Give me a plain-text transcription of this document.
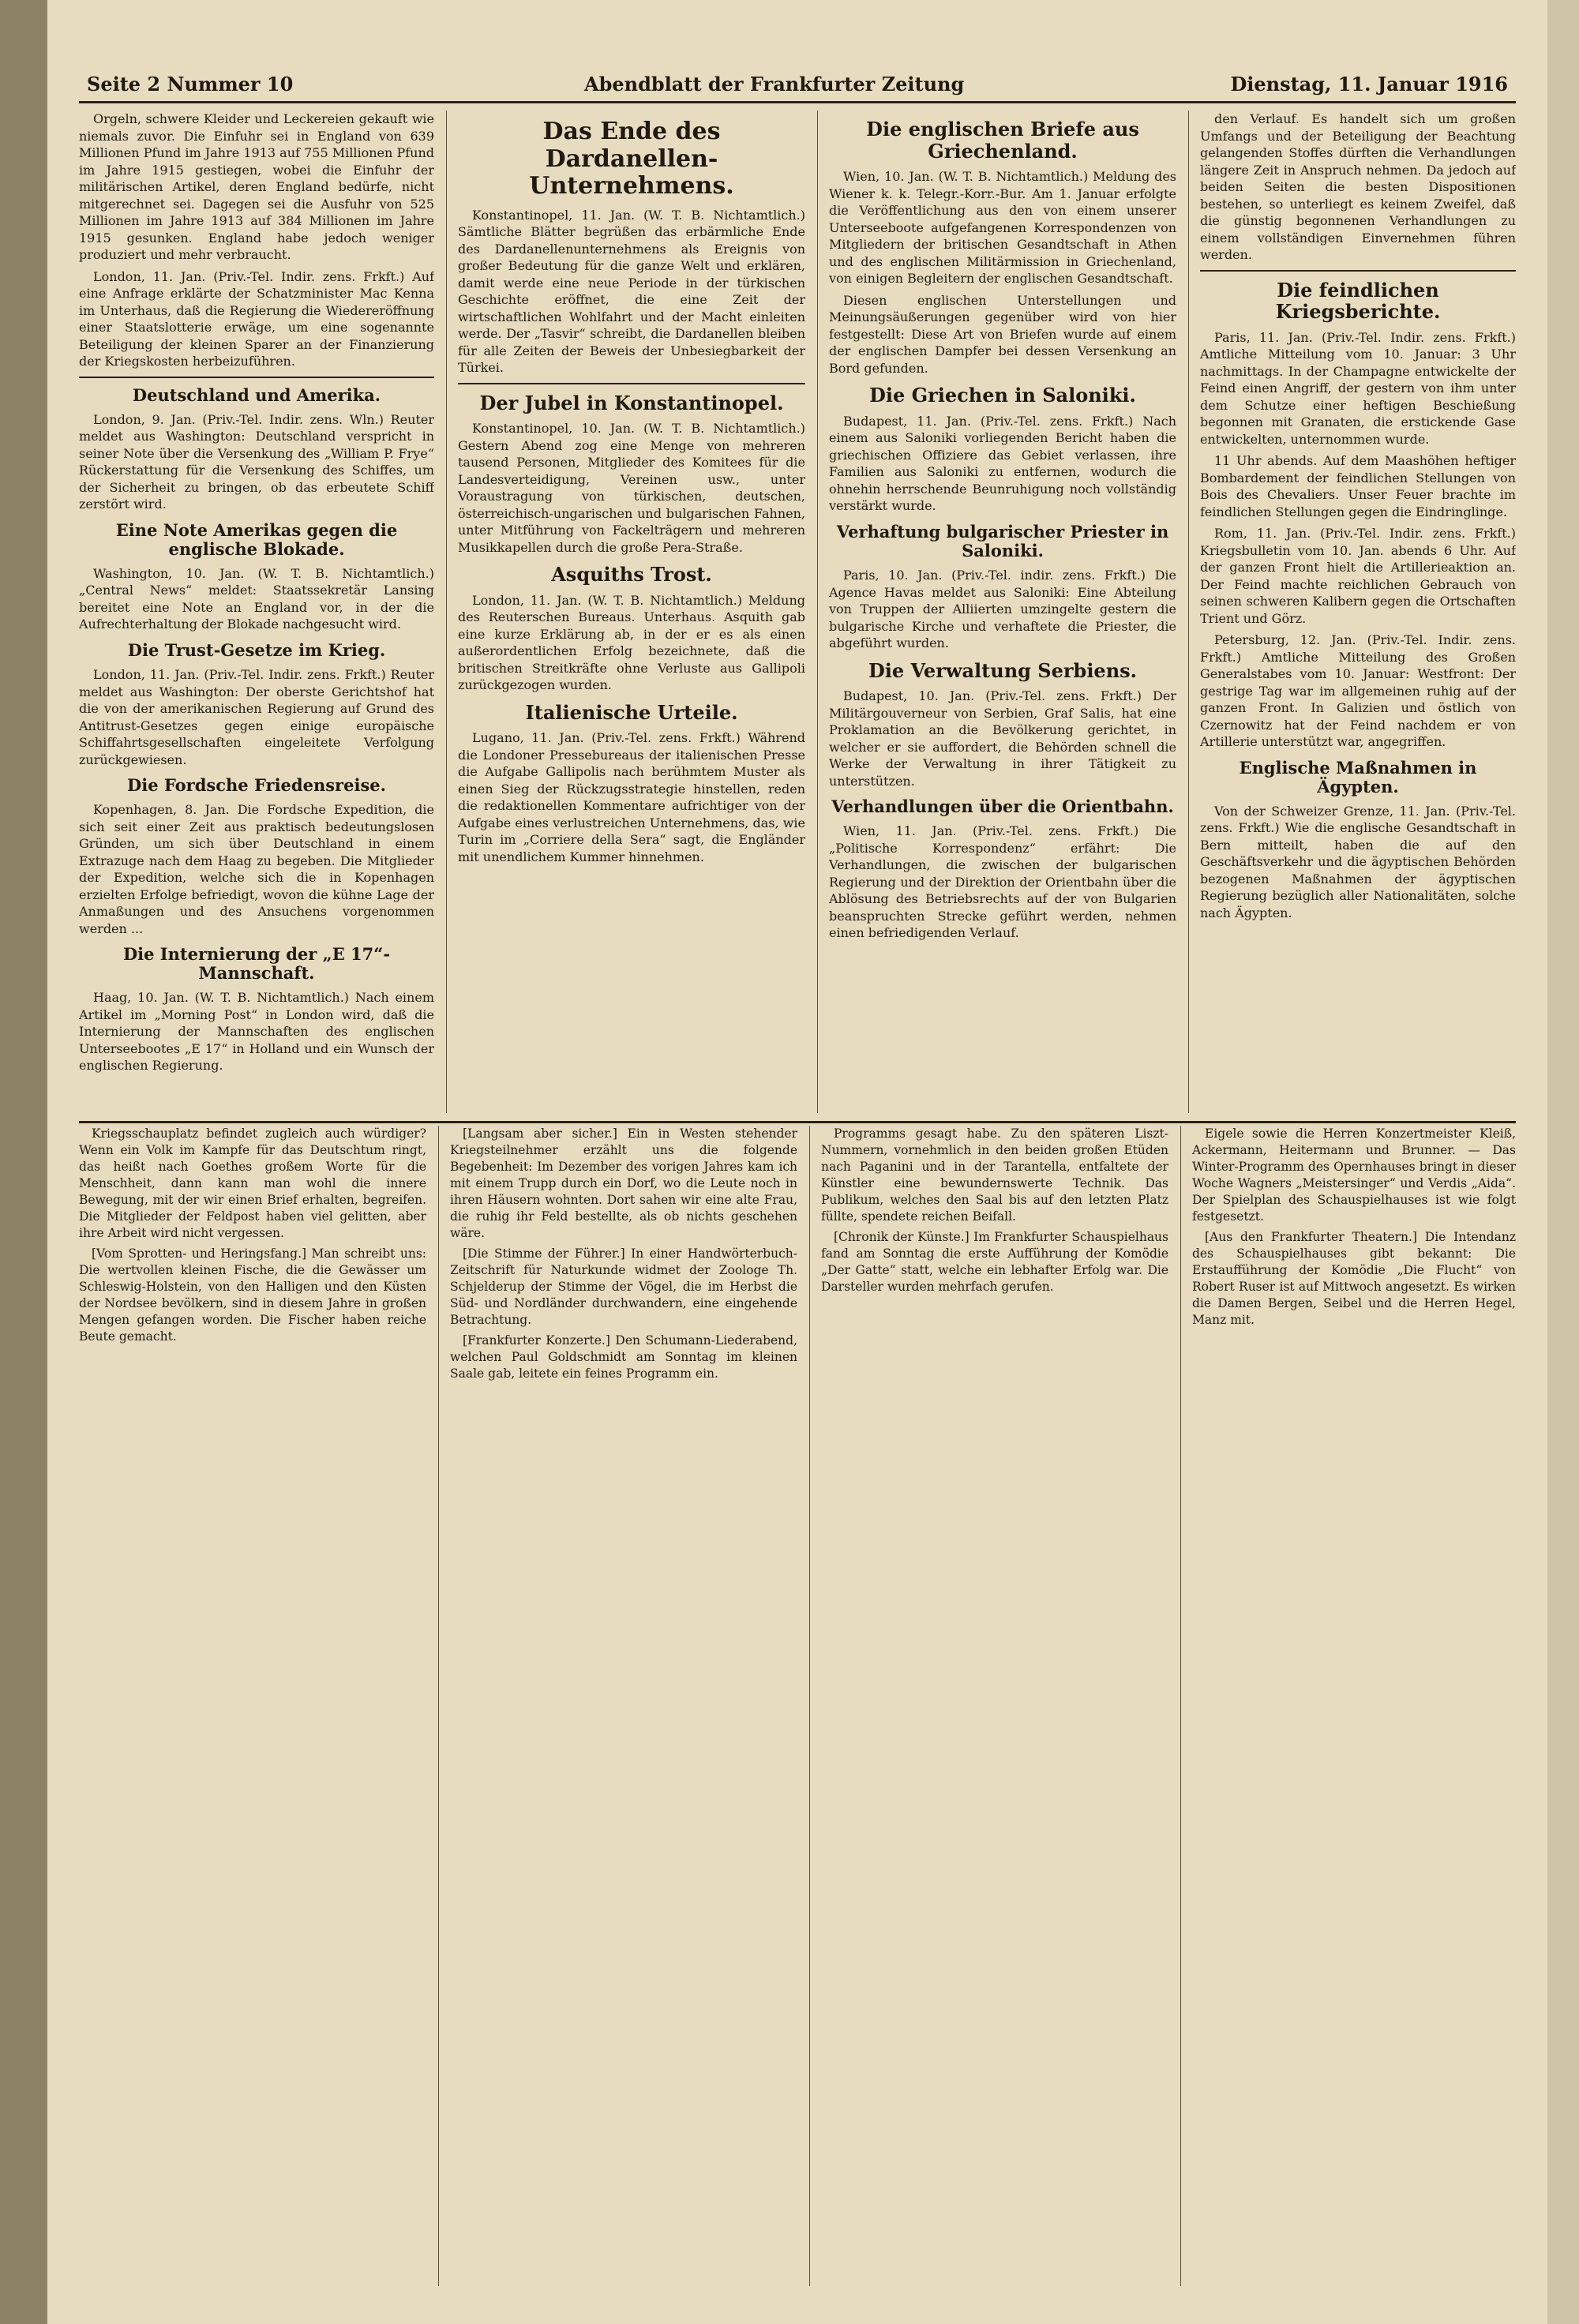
Seite 2 Nummer 10	Abendblatt der Frankfurter Zeitung	Dienstag, 11. Januar 1916

Orgeln, schwere Kleider und Leckereien gekauft wie niemals zuvor. Die Einfuhr sei in England von 639 Millionen Pfund im Jahre 1913 auf 755 Millionen Pfund im Jahre 1915 gestiegen, wobei die Einfuhr der militärischen Artikel, deren England bedürfe, nicht mitgerechnet sei. Dagegen sei die Ausfuhr von 525 Millionen im Jahre 1913 auf 384 Millionen im Jahre 1915 gesunken. England habe jedoch weniger produziert und mehr verbraucht.

London, 11. Jan. (Priv.-Tel. Indir. zens. Frkft.) Auf eine Anfrage erklärte der Schatzminister Mac Kenna im Unterhaus, daß die Regierung die Wiedereröffnung einer Staatslotterie erwäge, um eine sogenannte Beteiligung der kleinen Sparer an der Finanzierung der Kriegskosten herbeizuführen.

Deutschland und Amerika.

London, 9. Jan. (Priv.-Tel. Indir. zens. Wln.) Reuter meldet aus Washington: Deutschland verspricht in seiner Note über die Versenkung des „William P. Frye“ Rückerstattung für die Versenkung des Schiffes, um der Sicherheit zu bringen, ob das erbeutete Schiff zerstört wird.

Eine Note Amerikas gegen die englische Blokade.

Washington, 10. Jan. (W. T. B. Nichtamtlich.) „Central News“ meldet: Staatssekretär Lansing bereitet eine Note an England vor, in der die Aufrechterhaltung der Blokade nachgesucht wird.

Die Trust-Gesetze im Krieg.

London, 11. Jan. (Priv.-Tel. Indir. zens. Frkft.) Reuter meldet aus Washington: Der oberste Gerichtshof hat die von der amerikanischen Regierung auf Grund des Antitrust-Gesetzes gegen einige europäische Schiffahrtsgesellschaften eingeleitete Verfolgung zurückgewiesen.

Die Fordsche Friedensreise.

Kopenhagen, 8. Jan. Die Fordsche Expedition, die sich seit einer Zeit aus praktisch bedeutungslosen Gründen, um sich über Deutschland in einem Extrazuge nach dem Haag zu begeben. Die Mitglieder der Expedition, welche sich die in Kopenhagen erzielten Erfolge befriedigt, wovon die kühne Lage der Anmaßungen und des Ansuchens vorgenommen werden ...

Die Internierung der „E 17“-Mannschaft.

Haag, 10. Jan. (W. T. B. Nichtamtlich.) Nach einem Artikel im „Morning Post“ in London wird, daß die Internierung der Mannschaften des englischen Unterseebootes „E 17“ in Holland und ein Wunsch der englischen Regierung.

Das Ende des Dardanellen-Unternehmens.

Konstantinopel, 11. Jan. (W. T. B. Nichtamtlich.) Sämtliche Blätter begrüßen das erbärmliche Ende des Dardanellenunternehmens als Ereignis von großer Bedeutung für die ganze Welt und erklären, damit werde eine neue Periode in der türkischen Geschichte eröffnet, die eine Zeit der wirtschaftlichen Wohlfahrt und der Macht einleiten werde. Der „Tasvir“ schreibt, die Dardanellen bleiben für alle Zeiten der Beweis der Unbesiegbarkeit der Türkei.

Der Jubel in Konstantinopel.

Konstantinopel, 10. Jan. (W. T. B. Nichtamtlich.) Gestern Abend zog eine Menge von mehreren tausend Personen, Mitglieder des Komitees für die Landesverteidigung, Vereinen usw., unter Voraustragung von türkischen, deutschen, österreichisch-ungarischen und bulgarischen Fahnen, unter Mitführung von Fackelträgern und mehreren Musikkapellen durch die große Pera-Straße.

Asquiths Trost.

London, 11. Jan. (W. T. B. Nichtamtlich.) Meldung des Reuterschen Bureaus. Unterhaus. Asquith gab eine kurze Erklärung ab, in der er es als einen außerordentlichen Erfolg bezeichnete, daß die britischen Streitkräfte ohne Verluste aus Gallipoli zurückgezogen wurden.

Italienische Urteile.

Lugano, 11. Jan. (Priv.-Tel. zens. Frkft.) Während die Londoner Pressebureaus der italienischen Presse die Aufgabe Gallipolis nach berühmtem Muster als einen Sieg der Rückzugsstrategie hinstellen, reden die redaktionellen Kommentare aufrichtiger von der Aufgabe eines verlustreichen Unternehmens, das, wie Turin im „Corriere della Sera“ sagt, die Engländer mit unendlichem Kummer hinnehmen.

Die englischen Briefe aus Griechenland.

Wien, 10. Jan. (W. T. B. Nichtamtlich.) Meldung des Wiener k. k. Telegr.-Korr.-Bur. Am 1. Januar erfolgte die Veröffentlichung aus den von einem unserer Unterseeboote aufgefangenen Korrespondenzen von Mitgliedern der britischen Gesandtschaft in Athen und des englischen Militärmission in Griechenland, von einigen Begleitern der englischen Gesandtschaft.

Diesen englischen Unterstellungen und Meinungsäußerungen gegenüber wird von hier festgestellt: Diese Art von Briefen wurde auf einem der englischen Dampfer bei dessen Versenkung an Bord gefunden.

Die Griechen in Saloniki.

Budapest, 11. Jan. (Priv.-Tel. zens. Frkft.) Nach einem aus Saloniki vorliegenden Bericht haben die griechischen Offiziere das Gebiet verlassen, ihre Familien aus Saloniki zu entfernen, wodurch die ohnehin herrschende Beunruhigung noch vollständig verstärkt wurde.

Verhaftung bulgarischer Priester in Saloniki.

Paris, 10. Jan. (Priv.-Tel. indir. zens. Frkft.) Die Agence Havas meldet aus Saloniki: Eine Abteilung von Truppen der Alliierten umzingelte gestern die bulgarische Kirche und verhaftete die Priester, die abgeführt wurden.

Die Verwaltung Serbiens.

Budapest, 10. Jan. (Priv.-Tel. zens. Frkft.) Der Militärgouverneur von Serbien, Graf Salis, hat eine Proklamation an die Bevölkerung gerichtet, in welcher er sie auffordert, die Behörden schnell die Werke der Verwaltung in ihrer Tätigkeit zu unterstützen.

Verhandlungen über die Orientbahn.

Wien, 11. Jan. (Priv.-Tel. zens. Frkft.) Die „Politische Korrespondenz“ erfährt: Die Verhandlungen, die zwischen der bulgarischen Regierung und der Direktion der Orientbahn über die Ablösung des Betriebsrechts auf der von Bulgarien beanspruchten Strecke geführt werden, nehmen einen befriedigenden Verlauf.

den Verlauf. Es handelt sich um großen Umfangs und der Beteiligung der Beachtung gelangenden Stoffes dürften die Verhandlungen längere Zeit in Anspruch nehmen. Da jedoch auf beiden Seiten die besten Dispositionen bestehen, so unterliegt es keinem Zweifel, daß die günstig begonnenen Verhandlungen zu einem vollständigen Einvernehmen führen werden.

Die feindlichen Kriegsberichte.

Paris, 11. Jan. (Priv.-Tel. Indir. zens. Frkft.) Amtliche Mitteilung vom 10. Januar: 3 Uhr nachmittags. In der Champagne entwickelte der Feind einen Angriff, der gestern von ihm unter dem Schutze einer heftigen Beschießung begonnen mit Granaten, die erstickende Gase entwickelten, unternommen wurde.

11 Uhr abends. Auf dem Maashöhen heftiger Bombardement der feindlichen Stellungen von Bois des Chevaliers. Unser Feuer brachte im feindlichen Stellungen gegen die Eindringlinge.

Rom, 11. Jan. (Priv.-Tel. Indir. zens. Frkft.) Kriegsbulletin vom 10. Jan. abends 6 Uhr. Auf der ganzen Front hielt die Artillerieaktion an. Der Feind machte reichlichen Gebrauch von seinen schweren Kalibern gegen die Ortschaften Trient und Görz.

Petersburg, 12. Jan. (Priv.-Tel. Indir. zens. Frkft.) Amtliche Mitteilung des Großen Generalstabes vom 10. Januar: Westfront: Der gestrige Tag war im allgemeinen ruhig auf der ganzen Front. In Galizien und östlich von Czernowitz hat der Feind nachdem er von Artillerie unterstützt war, angegriffen.

Englische Maßnahmen in Ägypten.

Von der Schweizer Grenze, 11. Jan. (Priv.-Tel. zens. Frkft.) Wie die englische Gesandtschaft in Bern mitteilt, haben die auf den Geschäftsverkehr und die ägyptischen Behörden bezogenen Maßnahmen der ägyptischen Regierung bezüglich aller Nationalitäten, solche nach Ägypten.

Kriegsschauplatz befindet zugleich auch würdiger? Wenn ein Volk im Kampfe für das Deutschtum ringt, das heißt nach Goethes großem Worte für die Menschheit, dann kann man wohl die innere Bewegung, mit der wir einen Brief erhalten, begreifen. Die Mitglieder der Feldpost haben viel gelitten, aber ihre Arbeit wird nicht vergessen.

[Vom Sprotten- und Heringsfang.] Man schreibt uns: Die wertvollen kleinen Fische, die die Gewässer um Schleswig-Holstein, von den Halligen und den Küsten der Nordsee bevölkern, sind in diesem Jahre in großen Mengen gefangen worden. Die Fischer haben reiche Beute gemacht.

[Langsam aber sicher.] Ein in Westen stehender Kriegsteilnehmer erzählt uns die folgende Begebenheit: Im Dezember des vorigen Jahres kam ich mit einem Trupp durch ein Dorf, wo die Leute noch in ihren Häusern wohnten. Dort sahen wir eine alte Frau, die ruhig ihr Feld bestellte, als ob nichts geschehen wäre.

[Die Stimme der Führer.] In einer Handwörterbuch-Zeitschrift für Naturkunde widmet der Zoologe Th. Schjelderup der Stimme der Vögel, die im Herbst die Süd- und Nordländer durchwandern, eine eingehende Betrachtung.

[Frankfurter Konzerte.] Den Schumann-Liederabend, welchen Paul Goldschmidt am Sonntag im kleinen Saale gab, leitete ein feines Programm ein.

Programms gesagt habe. Zu den späteren Liszt-Nummern, vornehmlich in den beiden großen Etüden nach Paganini und in der Tarantella, entfaltete der Künstler eine bewundernswerte Technik. Das Publikum, welches den Saal bis auf den letzten Platz füllte, spendete reichen Beifall.

[Chronik der Künste.] Im Frankfurter Schauspielhaus fand am Sonntag die erste Aufführung der Komödie „Der Gatte“ statt, welche ein lebhafter Erfolg war. Die Darsteller wurden mehrfach gerufen.

Eigele sowie die Herren Konzertmeister Kleiß, Ackermann, Heitermann und Brunner. — Das Winter-Programm des Opernhauses bringt in dieser Woche Wagners „Meistersinger“ und Verdis „Aida“. Der Spielplan des Schauspielhauses ist wie folgt festgesetzt.

[Aus den Frankfurter Theatern.] Die Intendanz des Schauspielhauses gibt bekannt: Die Erstaufführung der Komödie „Die Flucht“ von Robert Ruser ist auf Mittwoch angesetzt. Es wirken die Damen Bergen, Seibel und die Herren Hegel, Manz mit.
